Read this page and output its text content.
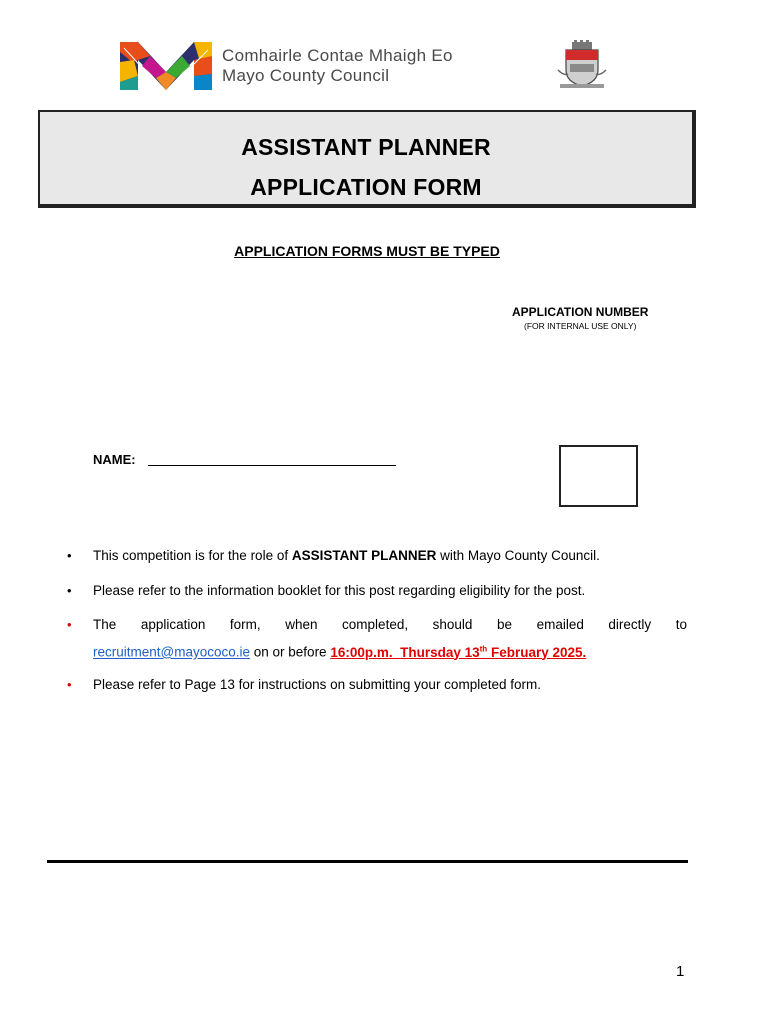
Comhairle Contae Mhaigh Eo
Mayo County Council
ASSISTANT PLANNER
APPLICATION FORM
APPLICATION FORMS MUST BE TYPED
APPLICATION NUMBER
(FOR INTERNAL USE ONLY)
NAME:
• This competition is for the role of ASSISTANT PLANNER with Mayo County Council.
• Please refer to the information booklet for this post regarding eligibility for the post.
• The application form, when completed, should be emailed directly to
recruitment@mayococo.ie on or before 16:00p.m.  Thursday 13th February 2025.
• Please refer to Page 13 for instructions on submitting your completed form.
1
